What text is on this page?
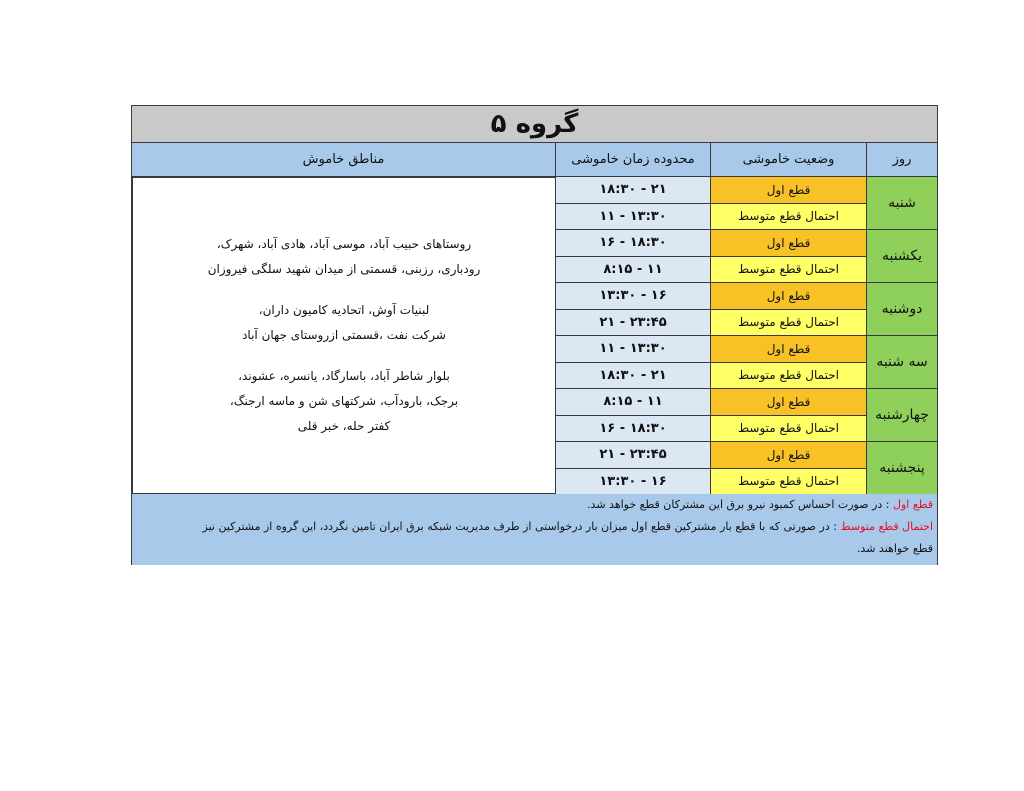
گروه ۵
روز
وضعیت خاموشی
محدوده زمان خاموشی
مناطق خاموش
شنبه
قطع اول
۲۱ - ۱۸:۳۰
احتمال قطع متوسط
۱۳:۳۰ - ۱۱
یکشنبه
قطع اول
۱۸:۳۰ - ۱۶
احتمال قطع متوسط
۱۱ - ۸:۱۵
دوشنبه
قطع اول
۱۶ - ۱۳:۳۰
احتمال قطع متوسط
۲۳:۴۵ - ۲۱
سه شنبه
قطع اول
۱۳:۳۰ - ۱۱
احتمال قطع متوسط
۲۱ - ۱۸:۳۰
چهارشنبه
قطع اول
۱۱ - ۸:۱۵
احتمال قطع متوسط
۱۸:۳۰ - ۱۶
پنجشنبه
قطع اول
۲۳:۴۵ - ۲۱
احتمال قطع متوسط
۱۶ - ۱۳:۳۰
روستاهای حبیب آباد، موسی آباد، هادی آباد، شهرک،
رودباری، رزبنی، قسمتی از میدان شهید سلگی فیروزان
لبنیات آوش، اتحادیه کامیون داران،
شرکت نفت ،قسمتی ازروستای جهان آباد
بلوار شاطر آباد، باسارگاد، یانسره، عشوند،
برجک، بارودآب، شرکتهای شن و ماسه ارجنگ،
کفتر حله، خبر قلی
قطع اول : در صورت احساس کمبود نیرو برق این مشترکان قطع خواهد شد.
احتمال قطع متوسط : در صورتی که با قطع بار مشترکین قطع اول میزان بار درخواستی از طرف مدیریت شبکه برق ایران تامین نگردد، این گروه از مشترکین نیز
قطع خواهند شد.
